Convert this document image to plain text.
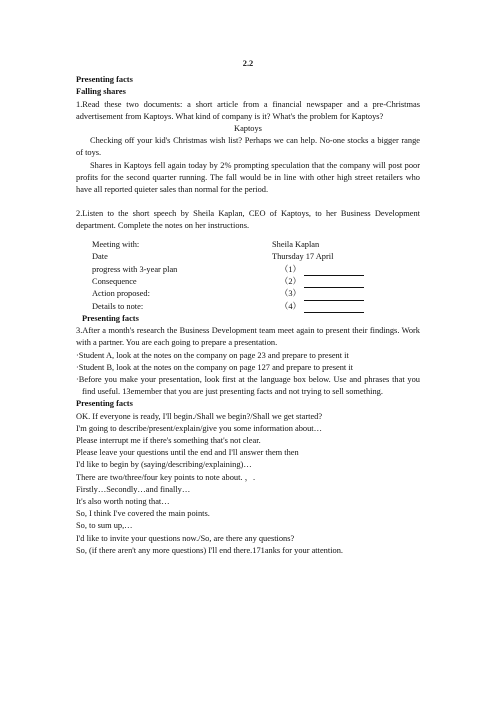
2.2

Presenting facts

Falling shares

1.Read these two documents: a short article from a financial newspaper and a pre-Christmas advertisement from Kaptoys. What kind of company is it? What's the problem for Kaptoys?

Kaptoys

Checking off your kid's Christmas wish list? Perhaps we can help. No-one stocks a bigger range of toys.

Shares in Kaptoys fell again today by 2% prompting speculation that the company will post poor profits for the second quarter running. The fall would be in line with other high street retailers who have all reported quieter sales than normal for the period.

2.Listen to the short speech by Sheila Kaplan, CEO of Kaptoys, to her Business Development department. Complete the notes on her instructions.

Meeting with:	Sheila Kaplan
Date	Thursday 17 April
progress with 3-year plan	（1）
Consequence	（2）
Action proposed:	（3）
Details to note:	（4）

Presenting facts

3.After a month's research the Business Development team meet again to present their findings. Work with a partner. You are each going to prepare a presentation.

·Student A, look at the notes on the company on page 23 and prepare to present it

·Student B, look at the notes on the company on page 127 and prepare to present it

·Before you make your presentation, look first at the language box below. Use and phrases that you find useful. 13emember that you are just presenting facts and not trying to sell something.

Presenting facts

OK. If everyone is ready, I'll begin./Shall we begin?/Shall we get started?

I'm going to describe/present/explain/give you some information about…

Please interrupt me if there's something that's not clear.

Please leave your questions until the end and I'll answer them then

I'd like to begin by (saying/describing/explaining)…

There are two/three/four key points to note about. ，.

Firstly…Secondly…and finally…

It's also worth noting that…

So, I think I've covered the main points.

So, to sum up,…

I'd like to invite your questions now./So, are there any questions?

So, (if there aren't any more questions) I'll end there.171anks for your attention.
